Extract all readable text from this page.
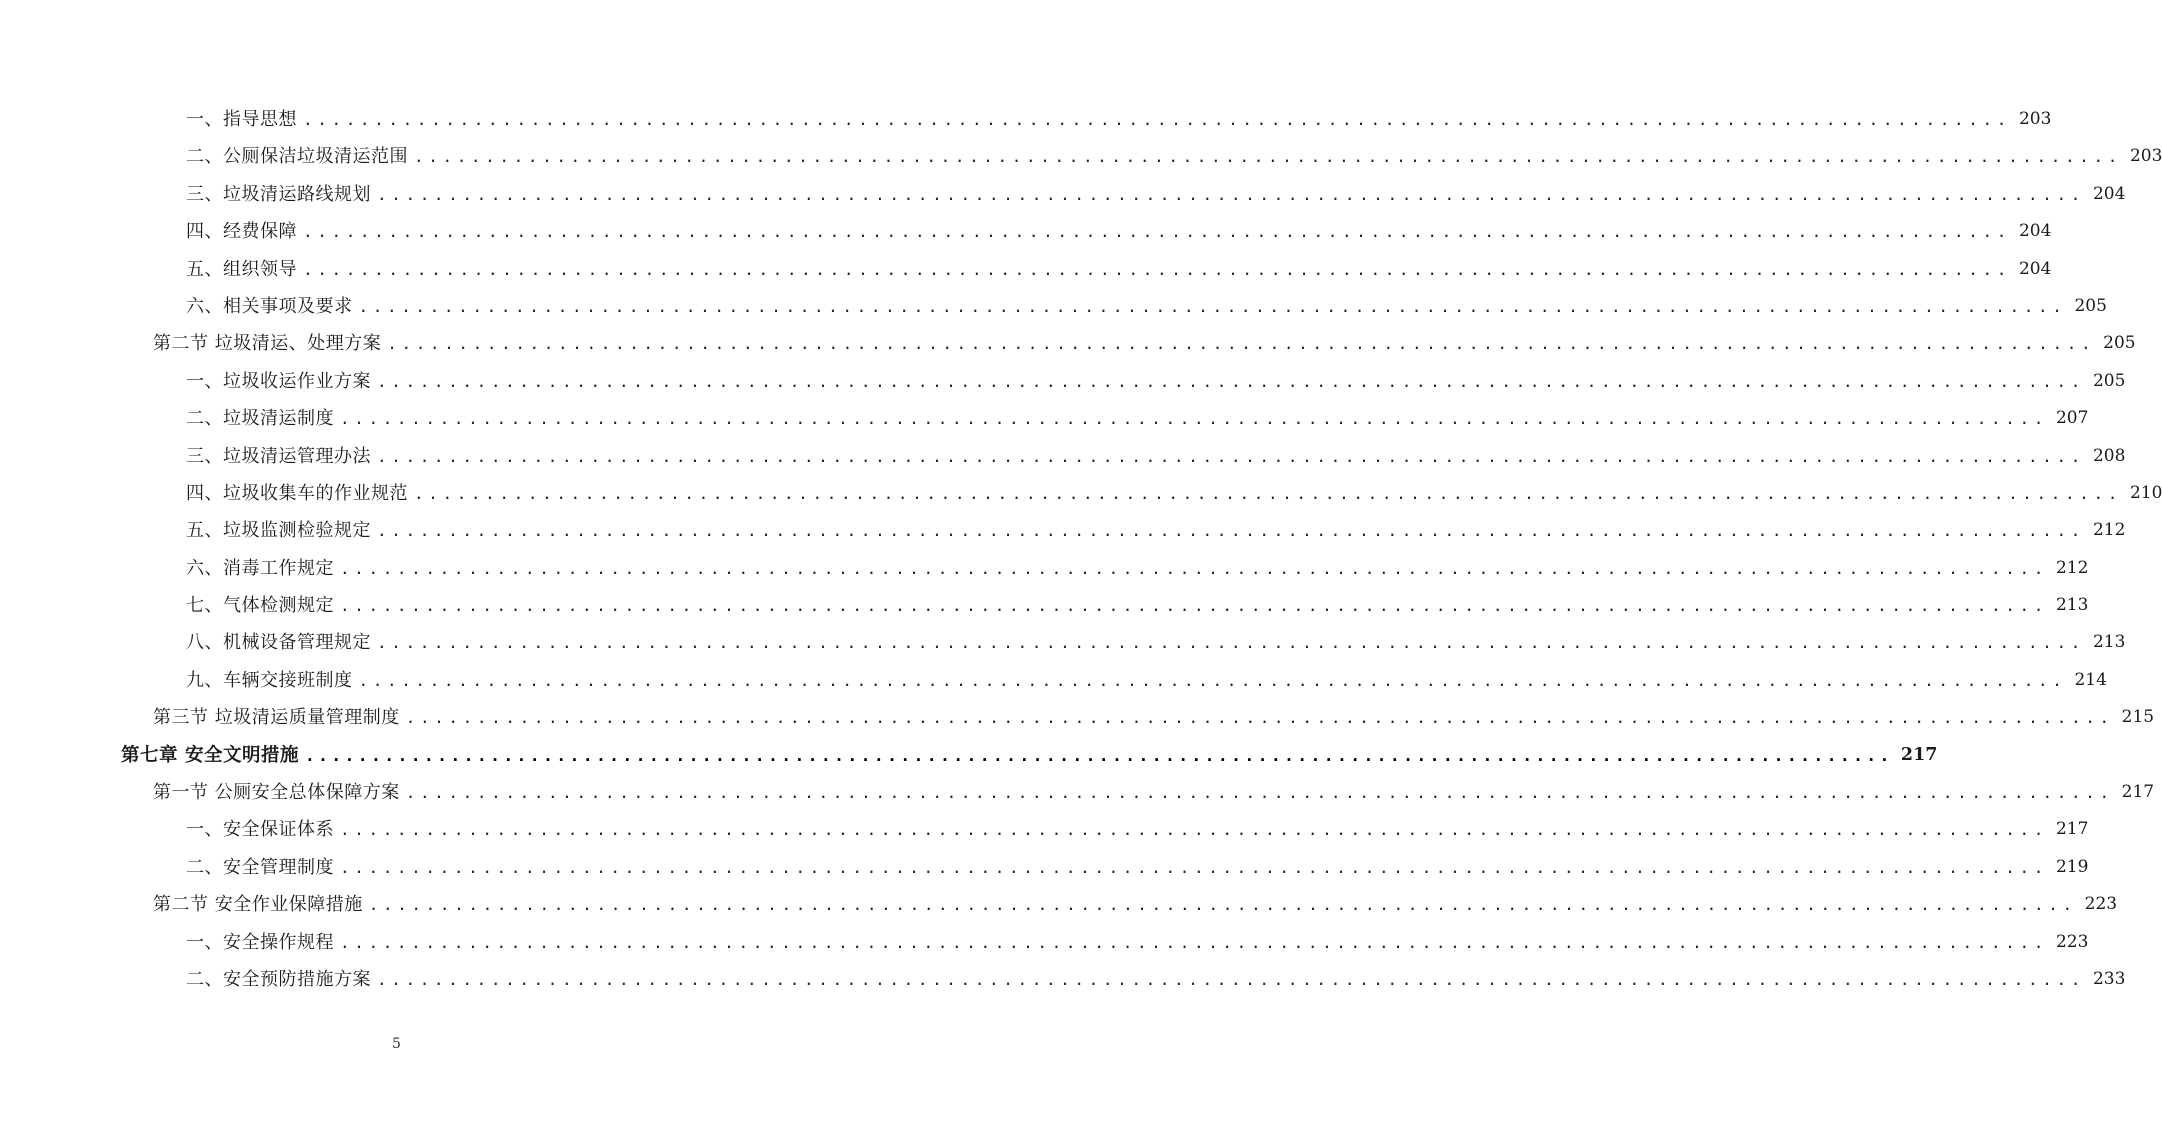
一、指导思想 ........................................................................................................................ 203
二、公厕保洁垃圾清运范围 ........................................................................................................................ 203
三、垃圾清运路线规划 ........................................................................................................................ 204
四、经费保障 ........................................................................................................................ 204
五、组织领导 ........................................................................................................................ 204
六、相关事项及要求 ........................................................................................................................ 205
第二节 垃圾清运、处理方案 ........................................................................................................................ 205
一、垃圾收运作业方案 ........................................................................................................................ 205
二、垃圾清运制度 ........................................................................................................................ 207
三、垃圾清运管理办法 ........................................................................................................................ 208
四、垃圾收集车的作业规范 ........................................................................................................................ 210
五、垃圾监测检验规定 ........................................................................................................................ 212
六、消毒工作规定 ........................................................................................................................ 212
七、气体检测规定 ........................................................................................................................ 213
八、机械设备管理规定 ........................................................................................................................ 213
九、车辆交接班制度 ........................................................................................................................ 214
第三节 垃圾清运质量管理制度 ........................................................................................................................ 215
第七章 安全文明措施 ........................................................................................................................ 217
第一节 公厕安全总体保障方案 ........................................................................................................................ 217
一、安全保证体系 ........................................................................................................................ 217
二、安全管理制度 ........................................................................................................................ 219
第二节 安全作业保障措施 ........................................................................................................................ 223
一、安全操作规程 ........................................................................................................................ 223
二、安全预防措施方案 ........................................................................................................................ 233
5
